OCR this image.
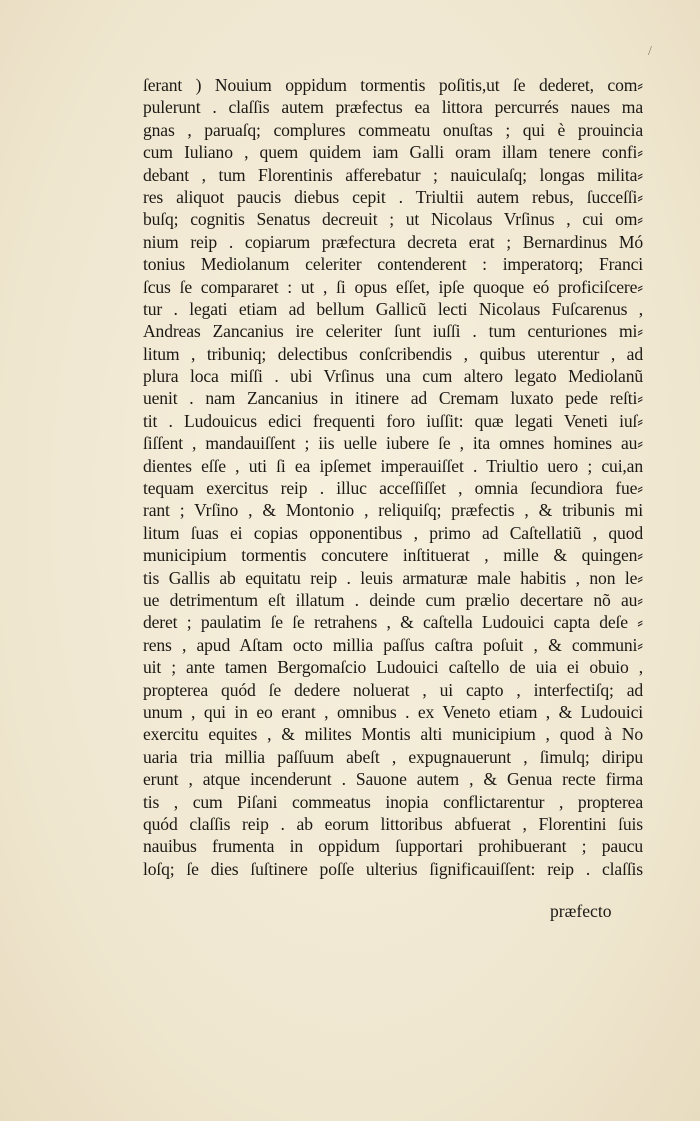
/
ſerant ) Nouium oppidum tormentis poſitis,ut ſe dederet, com⸗
pulerunt . claſſis autem præfectus ea littora percurrés naues ma
gnas , paruaſq; complures commeatu onuſtas ; qui è prouincia
cum Iuliano , quem quidem iam Galli oram illam tenere confi⸗
debant , tum Florentinis afferebatur ; nauiculaſq; longas milita⸗
res aliquot paucis diebus cepit . Triultii autem rebus, ſucceſſi⸗
buſq; cognitis Senatus decreuit ; ut Nicolaus Vrſinus , cui om⸗
nium reip . copiarum præfectura decreta erat ; Bernardinus Mó
tonius Mediolanum celeriter contenderent : imperatorq; Franci
ſcus ſe compararet : ut , ſi opus eſſet, ipſe quoque eó proficiſcere⸗
tur . legati etiam ad bellum Gallicũ lecti Nicolaus Fuſcarenus ,
Andreas Zancanius ire celeriter ſunt iuſſi . tum centuriones mi⸗
litum , tribuniq; delectibus conſcribendis , quibus uterentur , ad
plura loca miſſi . ubi Vrſinus una cum altero legato Mediolanũ
uenit . nam Zancanius in itinere ad Cremam luxato pede reſti⸗
tit . Ludouicus edici frequenti foro iuſſit: quæ legati Veneti iuſ⸗
ſiſſent , mandauiſſent ; iis uelle iubere ſe , ita omnes homines au⸗
dientes eſſe , uti ſi ea ipſemet imperauiſſet . Triultio uero ; cui,an
tequam exercitus reip . illuc acceſſiſſet , omnia ſecundiora fue⸗
rant ; Vrſino , & Montonio , reliquiſq; præfectis , & tribunis mi
litum ſuas ei copias opponentibus , primo ad Caſtellatiũ , quod
municipium tormentis concutere inſtituerat , mille & quingen⸗
tis Gallis ab equitatu reip . leuis armaturæ male habitis , non le⸗
ue detrimentum eſt illatum . deinde cum prælio decertare nõ au⸗
deret ; paulatim ſe ſe retrahens , & caſtella Ludouici capta deſe ⸗
rens , apud Aſtam octo millia paſſus caſtra poſuit , & communi⸗
uit ; ante tamen Bergomaſcio Ludouici caſtello de uia ei obuio ,
propterea quód ſe dedere noluerat , ui capto , interfectiſq; ad
unum , qui in eo erant , omnibus . ex Veneto etiam , & Ludouici
exercitu equites , & milites Montis alti municipium , quod à No
uaria tria millia paſſuum abeſt , expugnauerunt , ſimulq; diripu
erunt , atque incenderunt . Sauone autem , & Genua recte firma
tis , cum Piſani commeatus inopia conflictarentur , propterea
quód claſſis reip . ab eorum littoribus abfuerat , Florentini ſuis
nauibus frumenta in oppidum ſupportari prohibuerant ; paucu
loſq; ſe dies ſuſtinere poſſe ulterius ſignificauiſſent: reip . claſſis
præfecto
